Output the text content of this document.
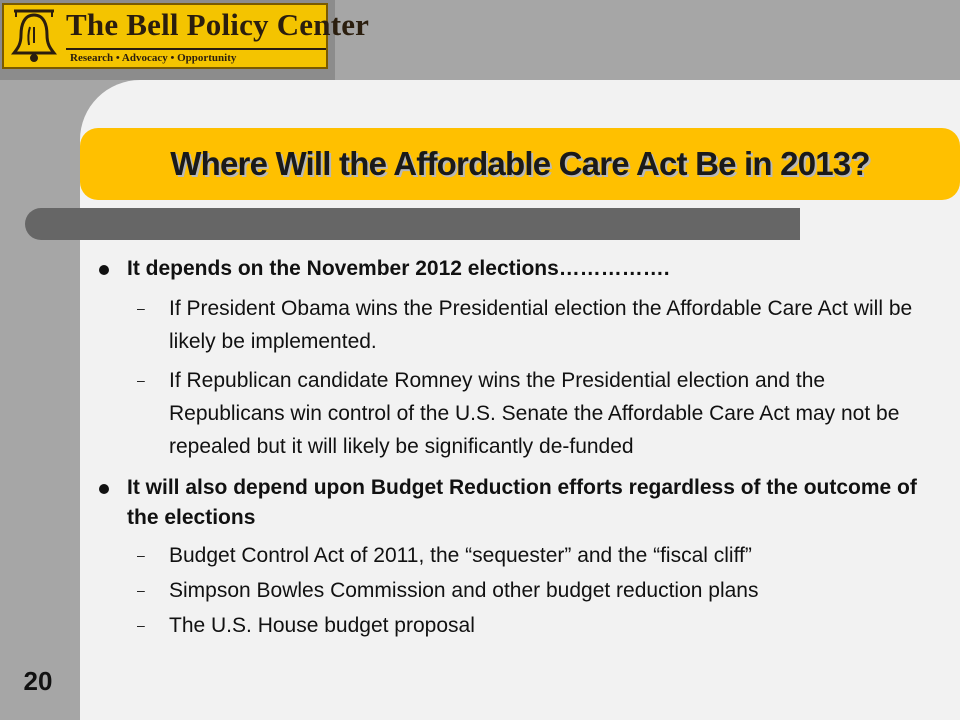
The Bell Policy Center
Research • Advocacy • Opportunity
Where Will the Affordable Care Act Be in 2013?
It depends on the November 2012 elections…………….
– If President Obama wins the Presidential election the Affordable Care Act will be likely be implemented.
– If Republican candidate Romney wins the Presidential election and the Republicans win control of the U.S. Senate the Affordable Care Act may not be repealed but it will likely be significantly de-funded
It will also depend upon Budget Reduction efforts regardless of the outcome of the elections
– Budget Control Act of 2011, the “sequester” and the “fiscal cliff”
– Simpson Bowles Commission and other budget reduction plans
– The U.S. House budget proposal
20
